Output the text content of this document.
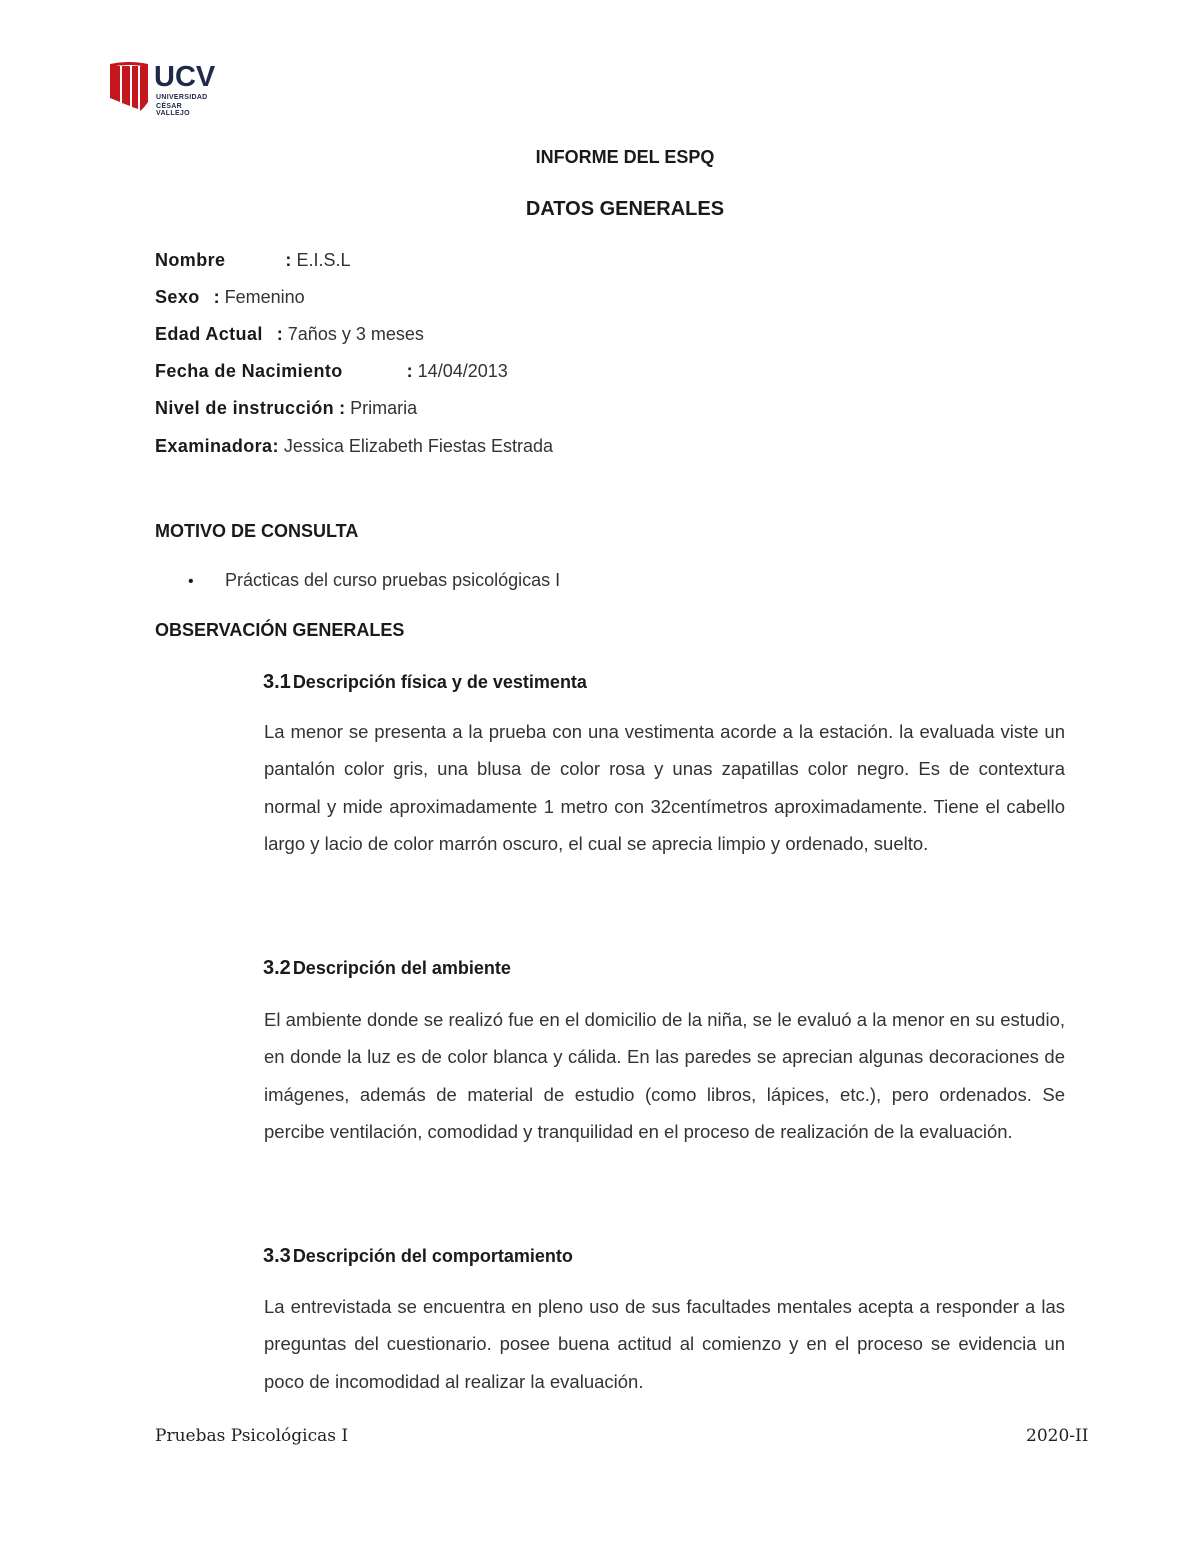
UCV
UNIVERSIDAD
CÉSAR VALLEJO
INFORME DEL ESPQ
DATOS GENERALES
Nombre	: E.I.S.L
Sexo : Femenino
Edad Actual : 7años y 3 meses
Fecha de Nacimiento	: 14/04/2013
Nivel de instrucción : Primaria
Examinadora: Jessica Elizabeth Fiestas Estrada
MOTIVO DE CONSULTA
• Prácticas del curso pruebas psicológicas I
OBSERVACIÓN GENERALES
3.1 Descripción física y de vestimenta
La menor se presenta a la prueba con una vestimenta acorde a la estación. la evaluada viste un pantalón color gris, una blusa de color rosa y unas zapatillas color negro. Es de contextura normal y mide aproximadamente 1 metro con 32centímetros aproximadamente. Tiene el cabello largo y lacio de color marrón oscuro, el cual se aprecia limpio y ordenado, suelto.
3.2 Descripción del ambiente
El ambiente donde se realizó fue en el domicilio de la niña, se le evaluó a la menor en su estudio, en donde la luz es de color blanca y cálida. En las paredes se aprecian algunas decoraciones de imágenes, además de material de estudio (como libros, lápices, etc.), pero ordenados. Se percibe ventilación, comodidad y tranquilidad en el proceso de realización de la evaluación.
3.3 Descripción del comportamiento
La entrevistada se encuentra en pleno uso de sus facultades mentales acepta a responder a las preguntas del cuestionario. posee buena actitud al comienzo y en el proceso se evidencia un poco de incomodidad al realizar la evaluación.
Pruebas Psicológicas I	2020-II
